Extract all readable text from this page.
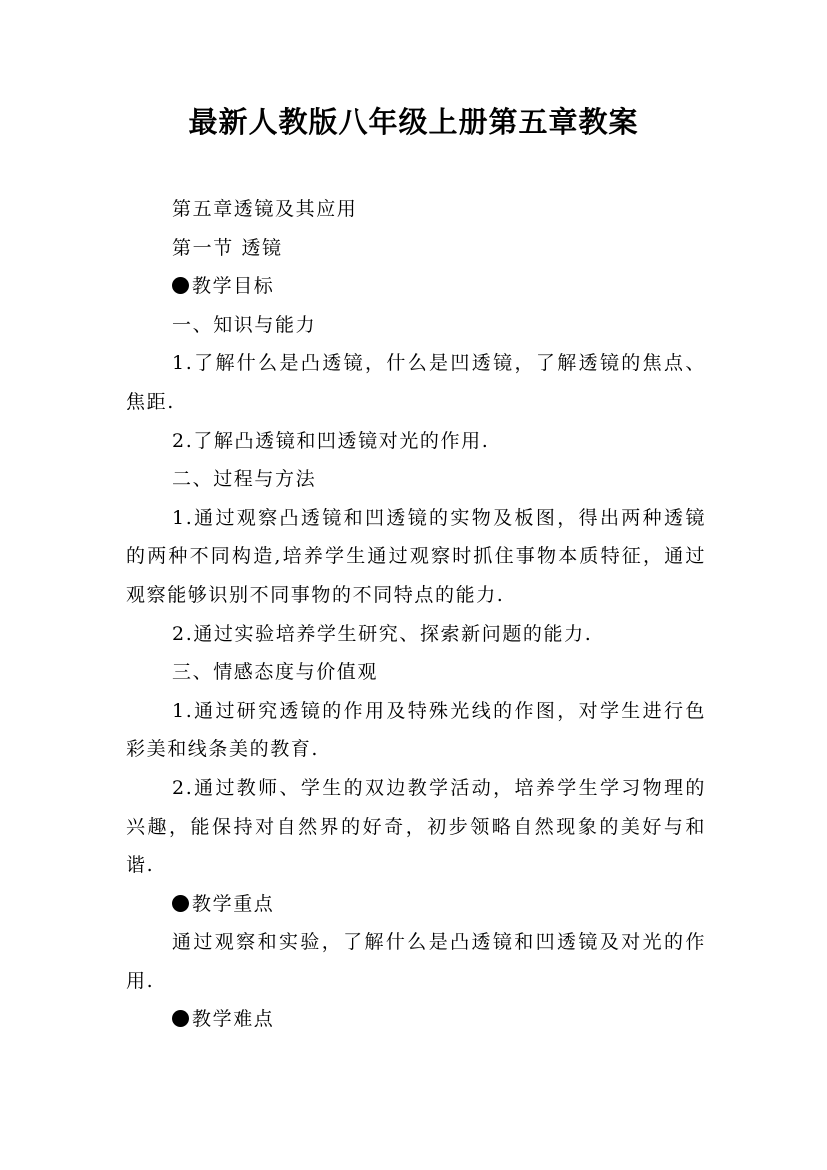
最新人教版八年级上册第五章教案

第五章透镜及其应用

第一节 透镜

教学目标

一、知识与能力

1.了解什么是凸透镜，什么是凹透镜，了解透镜的焦点、焦距.

2.了解凸透镜和凹透镜对光的作用.

二、过程与方法

1.通过观察凸透镜和凹透镜的实物及板图，得出两种透镜的两种不同构造,培养学生通过观察时抓住事物本质特征，通过观察能够识别不同事物的不同特点的能力.

2.通过实验培养学生研究、探索新问题的能力.

三、情感态度与价值观

1.通过研究透镜的作用及特殊光线的作图，对学生进行色彩美和线条美的教育.

2.通过教师、学生的双边教学活动，培养学生学习物理的兴趣，能保持对自然界的好奇，初步领略自然现象的美好与和谐.

教学重点

通过观察和实验，了解什么是凸透镜和凹透镜及对光的作用.

教学难点
